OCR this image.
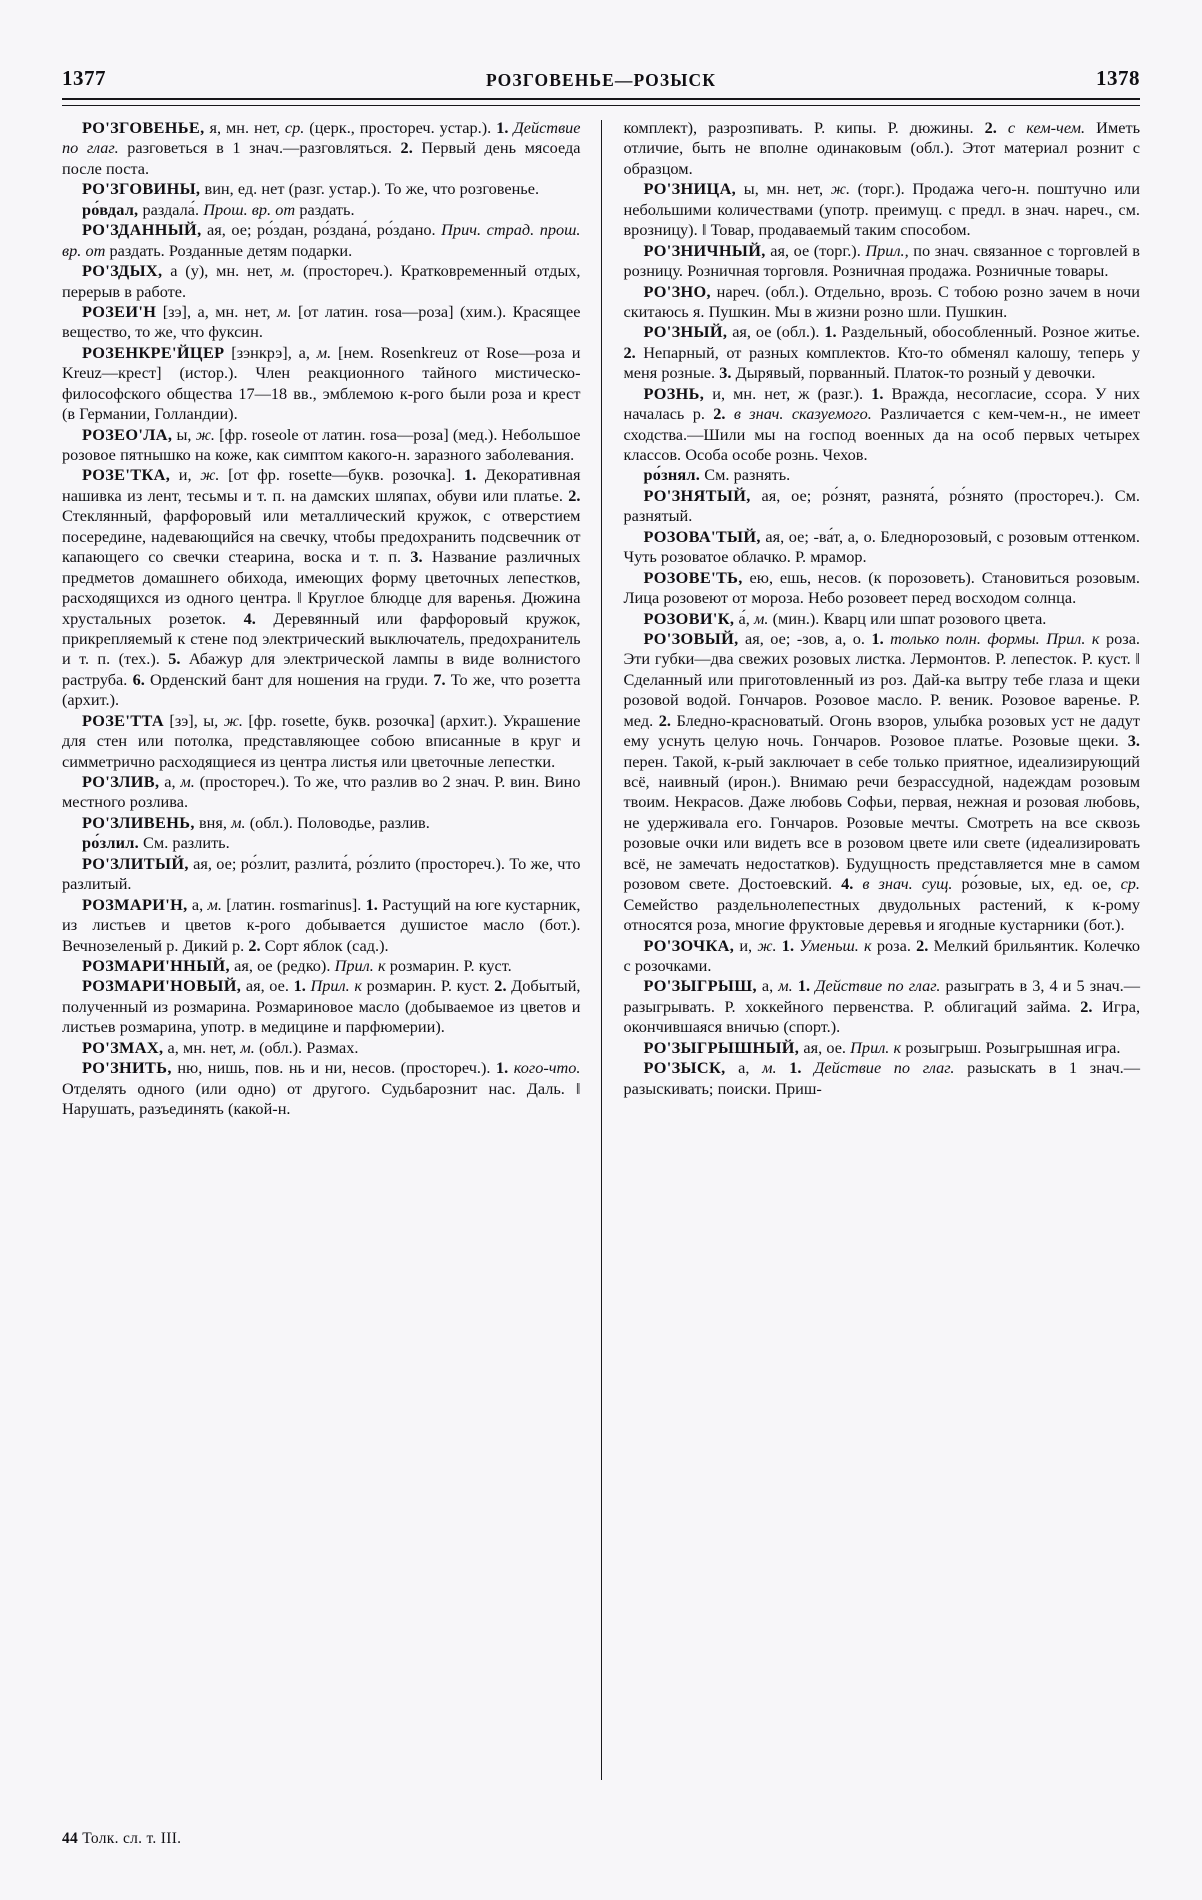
1377	РОЗГОВЕНЬЕ—РОЗЫСК	1378

РО'ЗГОВЕНЬЕ, я, мн. нет, ср. (церк., простореч. устар.). 1. Действие по глаг. разговеться в 1 знач.—разговляться. 2. Первый день мясоеда после поста.

РО'ЗГОВИНЫ, вин, ед. нет (разг. устар.). То же, что розговенье.

ро́вдал, раздала́. Прош. вр. от раздать.

РО'ЗДАННЫЙ, ая, ое; ро́здан, ро́здана́, ро́здано. Прич. страд. прош. вр. от раздать. Розданные детям подарки.

РО'ЗДЫХ, а (у), мн. нет, м. (простореч.). Кратковременный отдых, перерыв в работе.

РОЗЕИ'Н [зэ], а, мн. нет, м. [от латин. rosa—роза] (хим.). Красящее вещество, то же, что фуксин.

РОЗЕНКРЕ'ЙЦЕР [зэнкрэ], а, м. [нем. Rosenkreuz от Rose—роза и Kreuz—крест] (истор.). Член реакционного тайного мистическо-философского общества 17—18 вв., эмблемою к-рого были роза и крест (в Германии, Голландии).

РОЗЕО'ЛА, ы, ж. [фр. roseole от латин. rosa—роза] (мед.). Небольшое розовое пятнышко на коже, как симптом какого-н. заразного заболевания.

РОЗЕ'ТКА, и, ж. [от фр. rosette—букв. розочка]. 1. Декоративная нашивка из лент, тесьмы и т. п. на дамских шляпах, обуви или платье. 2. Стеклянный, фарфоровый или металлический кружок, с отверстием посередине, надевающийся на свечку, чтобы предохранить подсвечник от капающего со свечки стеарина, воска и т. п. 3. Название различных предметов домашнего обихода, имеющих форму цветочных лепестков, расходящихся из одного центра. ‖ Круглое блюдце для варенья. Дюжина хрустальных розеток. 4. Деревянный или фарфоровый кружок, прикрепляемый к стене под электрический выключатель, предохранитель и т. п. (тех.). 5. Абажур для электрической лампы в виде волнистого раструба. 6. Орденский бант для ношения на груди. 7. То же, что розетта (архит.).

РОЗЕ'ТТА [зэ], ы, ж. [фр. rosette, букв. розочка] (архит.). Украшение для стен или потолка, представляющее собою вписанные в круг и симметрично расходящиеся из центра листья или цветочные лепестки.

РО'ЗЛИВ, а, м. (простореч.). То же, что разлив во 2 знач. Р. вин. Вино местного розлива.

РО'ЗЛИВЕНЬ, вня, м. (обл.). Половодье, разлив.

ро́злил. См. разлить.

РО'ЗЛИТЫЙ, ая, ое; ро́злит, разлита́, ро́злито (простореч.). То же, что разлитый.

РОЗМАРИ'Н, а, м. [латин. rosmarinus]. 1. Растущий на юге кустарник, из листьев и цветов к-рого добывается душистое масло (бот.). Вечнозеленый р. Дикий р. 2. Сорт яблок (сад.).

РОЗМАРИ'ННЫЙ, ая, ое (редко). Прил. к розмарин. Р. куст.

РОЗМАРИ'НОВЫЙ, ая, ое. 1. Прил. к розмарин. Р. куст. 2. Добытый, полученный из розмарина. Розмариновое масло (добываемое из цветов и листьев розмарина, употр. в медицине и парфюмерии).

РО'ЗМАХ, а, мн. нет, м. (обл.). Размах.

РО'ЗНИТЬ, ню, нишь, пов. нь и ни, несов. (простореч.). 1. кого-что. Отделять одного (или одно) от другого. Судьбарознит нас. Даль. ‖ Нарушать, разъединять (какой-н.

комплект), разрозпивать. Р. кипы. Р. дюжины. 2. с кем-чем. Иметь отличие, быть не вполне одинаковым (обл.). Этот материал рознит с образцом.

РО'ЗНИЦА, ы, мн. нет, ж. (торг.). Продажа чего-н. поштучно или небольшими количествами (употр. преимущ. с предл. в знач. нареч., см. врозницу). ‖ Товар, продаваемый таким способом.

РО'ЗНИЧНЫЙ, ая, ое (торг.). Прил., по знач. связанное с торговлей в розницу. Розничная торговля. Розничная продажа. Розничные товары.

РО'ЗНО, нареч. (обл.). Отдельно, врозь. С тобою розно зачем в ночи скитаюсь я. Пушкин. Мы в жизни розно шли. Пушкин.

РО'ЗНЫЙ, ая, ое (обл.). 1. Раздельный, обособленный. Розное житье. 2. Непарный, от разных комплектов. Кто-то обменял калошу, теперь у меня розные. 3. Дырявый, порванный. Платок-то розный у девочки.

РОЗНЬ, и, мн. нет, ж (разг.). 1. Вражда, несогласие, ссора. У них началась р. 2. в знач. сказуемого. Различается с кем-чем-н., не имеет сходства.—Шили мы на господ военных да на особ первых четырех классов. Особа особе рознь. Чехов.

ро́знял. См. разнять.

РО'ЗНЯТЫЙ, ая, ое; ро́знят, разнята́, ро́знято (простореч.). См. разнятый.

РОЗОВА'ТЫЙ, ая, ое; -ва́т, а, о. Бледнорозовый, с розовым оттенком. Чуть розоватое облачко. Р. мрамор.

РОЗОВЕ'ТЬ, ею, ешь, несов. (к порозоветь). Становиться розовым. Лица розовеют от мороза. Небо розовеет перед восходом солнца.

РОЗОВИ'К, а́, м. (мин.). Кварц или шпат розового цвета.

РО'ЗОВЫЙ, ая, ое; -зов, а, о. 1. только полн. формы. Прил. к роза. Эти губки—два свежих розовых листка. Лермонтов. Р. лепесток. Р. куст. ‖ Сделанный или приготовленный из роз. Дай-ка вытру тебе глаза и щеки розовой водой. Гончаров. Розовое масло. Р. веник. Розовое варенье. Р. мед. 2. Бледно-красноватый. Огонь взоров, улыбка розовых уст не дадут ему уснуть целую ночь. Гончаров. Розовое платье. Розовые щеки. 3. перен. Такой, к-рый заключает в себе только приятное, идеализирующий всё, наивный (ирон.). Внимаю речи безрассудной, надеждам розовым твоим. Некрасов. Даже любовь Софьи, первая, нежная и розовая любовь, не удерживала его. Гончаров. Розовые мечты. Смотреть на все сквозь розовые очки или видеть все в розовом цвете или свете (идеализировать всё, не замечать недостатков). Будущность представляется мне в самом розовом свете. Достоевский. 4. в знач. сущ. ро́зовые, ых, ед. ое, ср. Семейство раздельнолепестных двудольных растений, к к-рому относятся роза, многие фруктовые деревья и ягодные кустарники (бот.).

РО'ЗОЧКА, и, ж. 1. Уменьш. к роза. 2. Мелкий брильянтик. Колечко с розочками.

РО'ЗЫГРЫШ, а, м. 1. Действие по глаг. разыграть в 3, 4 и 5 знач.—разыгрывать. Р. хоккейного первенства. Р. облигаций займа. 2. Игра, окончившаяся вничью (спорт.).

РО'ЗЫГРЫШНЫЙ, ая, ое. Прил. к розыгрыш. Розыгрышная игра.

РО'ЗЫСК, а, м. 1. Действие по глаг. разыскать в 1 знач.—разыскивать; поиски. Приш-

44 Толк. сл. т. III.
